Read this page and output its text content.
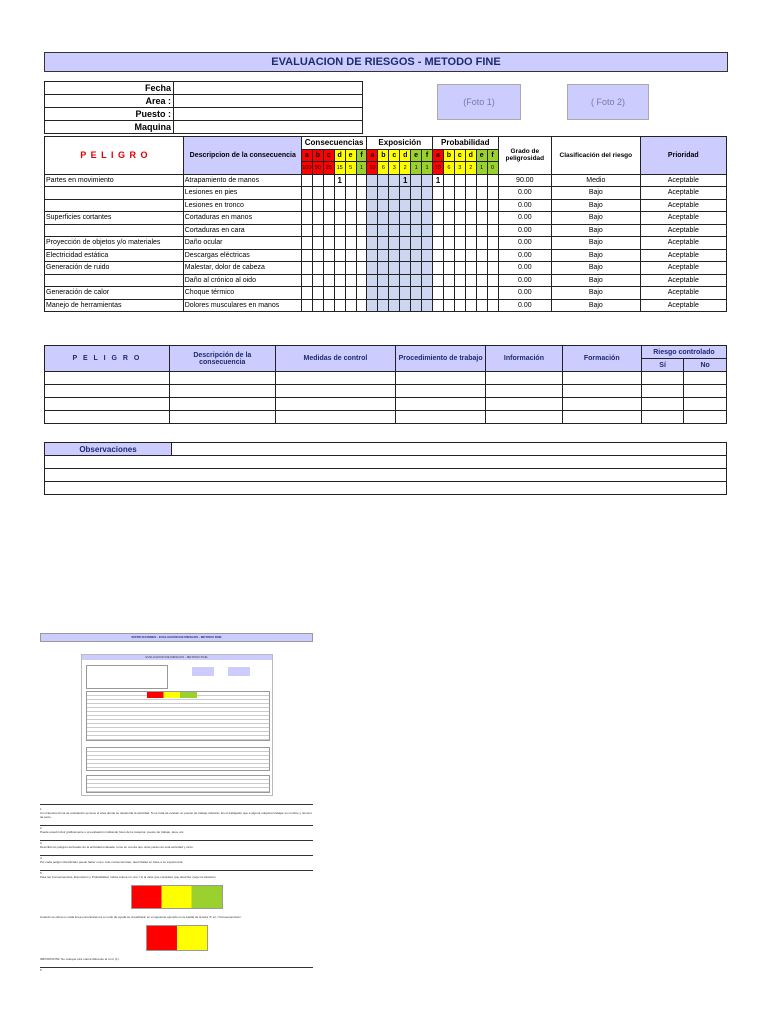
EVALUACION DE RIESGOS - METODO FINE
Fecha	
Area :	
Puesto :	
Maquina	
(Foto 1)	( Foto 2)
P E L I G R O	Descripcion de la consecuencia	Consecuencias						Exposición						Probabilidad						Grado de peligrosidad	Clasificación del riesgo	Prioridad
		a	b	c	d	e	f	a	b	c	d	e	f	a	b	c	d	e	f			
		100	50	25	15	5	1	10	6	3	2	1	1	10	6	3	2	1	0			
Partes en movimiento	Atrapamiento de manos				1						1			1						90.00	Medio	Aceptable
	Lesiones en pies																			0.00	Bajo	Aceptable
	Lesiones en tronco																			0.00	Bajo	Aceptable
Superficies cortantes	Cortaduras en manos																			0.00	Bajo	Aceptable
	Cortaduras en cara																			0.00	Bajo	Aceptable
Proyección de objetos y/o materiales	Daño ocular																			0.00	Bajo	Aceptable
Electricidad estática	Descargas eléctricas																			0.00	Bajo	Aceptable
Generación de ruido	Malestar, dolor de cabeza																			0.00	Bajo	Aceptable
	Daño al crónico al oido																			0.00	Bajo	Aceptable
Generación de calor	Choque térmico																			0.00	Bajo	Aceptable
Manejo de herramientas	Dolores musculares en manos																			0.00	Bajo	Aceptable
P E L I G R O	Descripción de la consecuencia	Medidas de control	Procedimiento de trabajo	Información	Formación	Riesgo controlado	
						Sí	No

Observaciones	

INSTRUCCIONES - EVALUACION DE RIESGOS - METODO FINE
EVALUACION DE RIESGOS - METODO FINE
1
Con Nuestra forma de evaluación se tiene el área donde se desarrolla la actividad. Si se trata de evaluar un puesto de trabajo indicarlo. En el trabajador que a alguna máquina trabajar su nombre y número de serie.
2
Puede usted incluir gráficamente o al evaluación indicando fotos de la máquina, puesto de trabajo, área, etc.
3
Describa los peligros derivados de la actividad evaluada, tome en cuenta que otras partes de esta actividad y otros.
4
Por cada peligro identificado puede haber una o mas consecuencias, descríbalas en base a su experiencia.
5
Para las Consecuencias, Exposición y Probabilidad, indica coloca un 'uno' (1) al valor que considere que describe mejor la situación.
Cuando se ubica en cada línea encontraremos a modo de ayuda se visualizará, en el siguiente ejemplo en la casilla de la letra 'A' en <Consecuencias>.
IMPORTANTE: No coloque otra marca diferente al 'uno' (1).
6
